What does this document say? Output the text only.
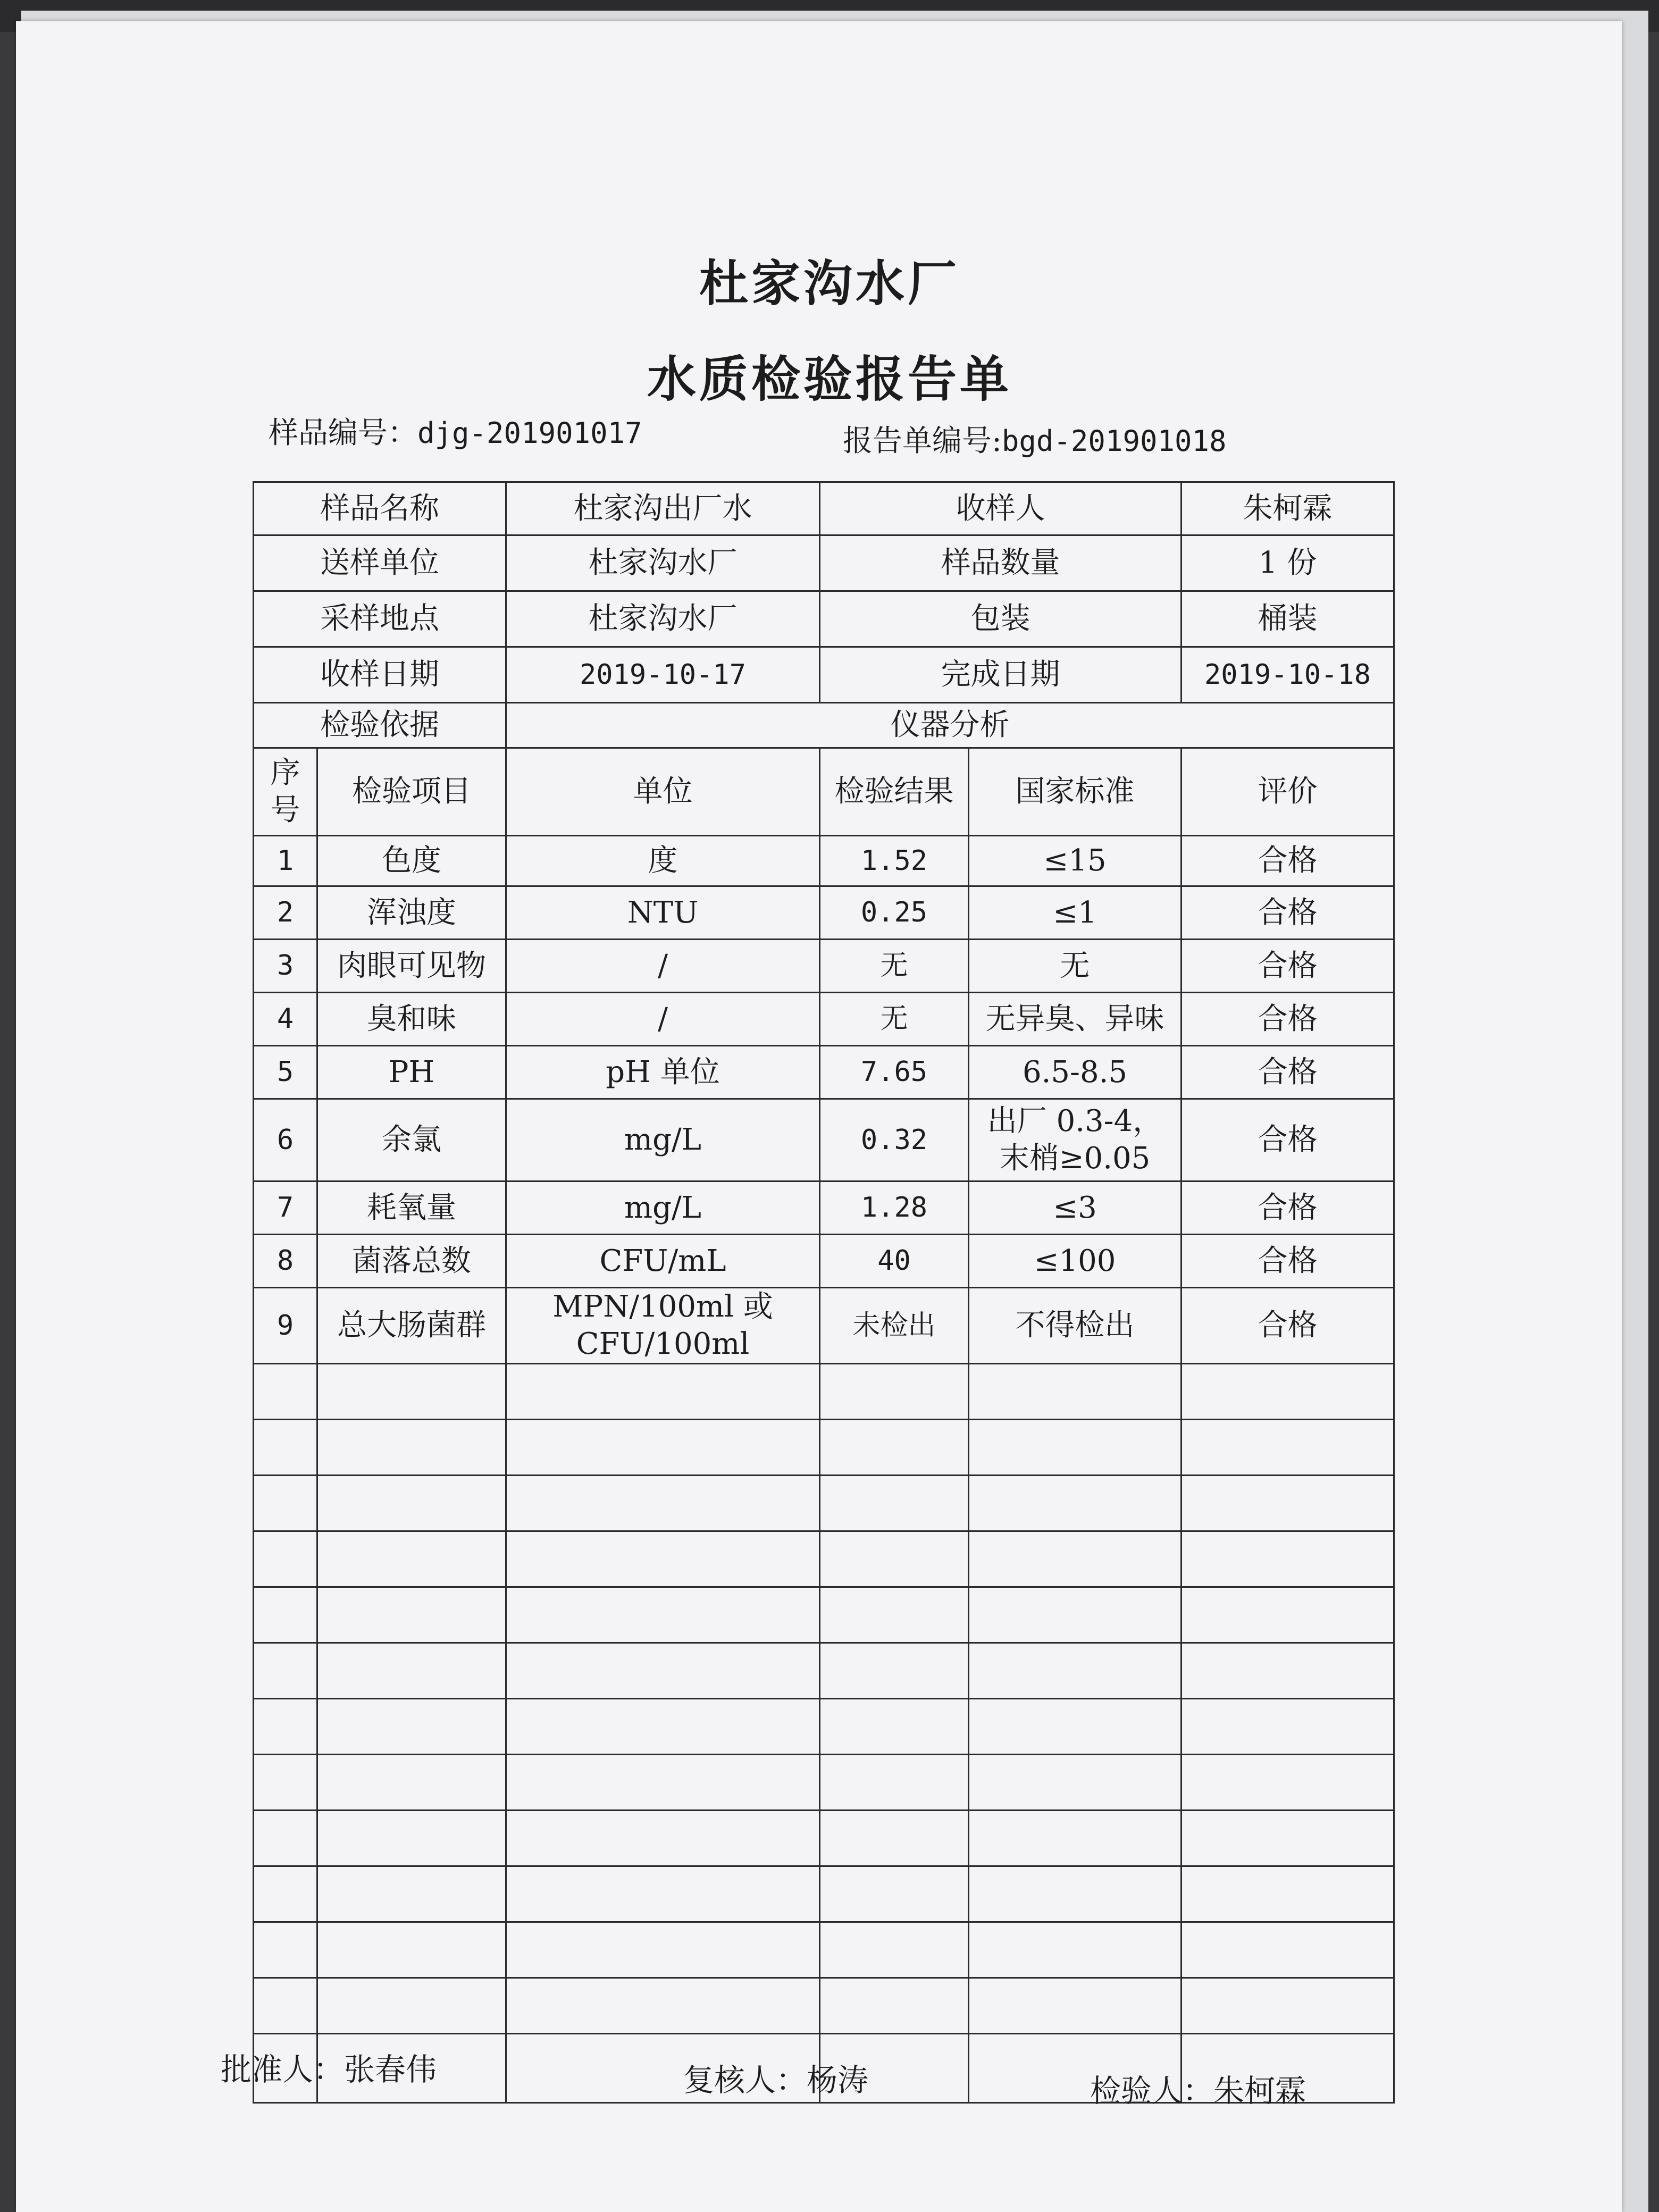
杜家沟水厂
水质检验报告单
样品编号：djg-201901017	报告单编号:bgd-201901018
样品名称		杜家沟出厂水	收样人		朱柯霖
送样单位		杜家沟水厂	样品数量		1 份
采样地点		杜家沟水厂	包装		桶装
收样日期		2019-10-17	完成日期		2019-10-18
检验依据		仪器分析			
序号	检验项目	单位	检验结果	国家标准	评价
1	色度	度	1.52	≤15	合格
2	浑浊度	NTU	0.25	≤1	合格
3	肉眼可见物	/	无	无	合格
4	臭和味	/	无	无异臭、异味	合格
5	PH	pH 单位	7.65	6.5-8.5	合格
6	余氯	mg/L	0.32	出厂 0.3-4，末梢≥0.05	合格
7	耗氧量	mg/L	1.28	≤3	合格
8	菌落总数	CFU/mL	40	≤100	合格
9	总大肠菌群	MPN/100ml 或 CFU/100ml	未检出	不得检出	合格

批准人：张春伟	复核人：杨涛	检验人：朱柯霖
